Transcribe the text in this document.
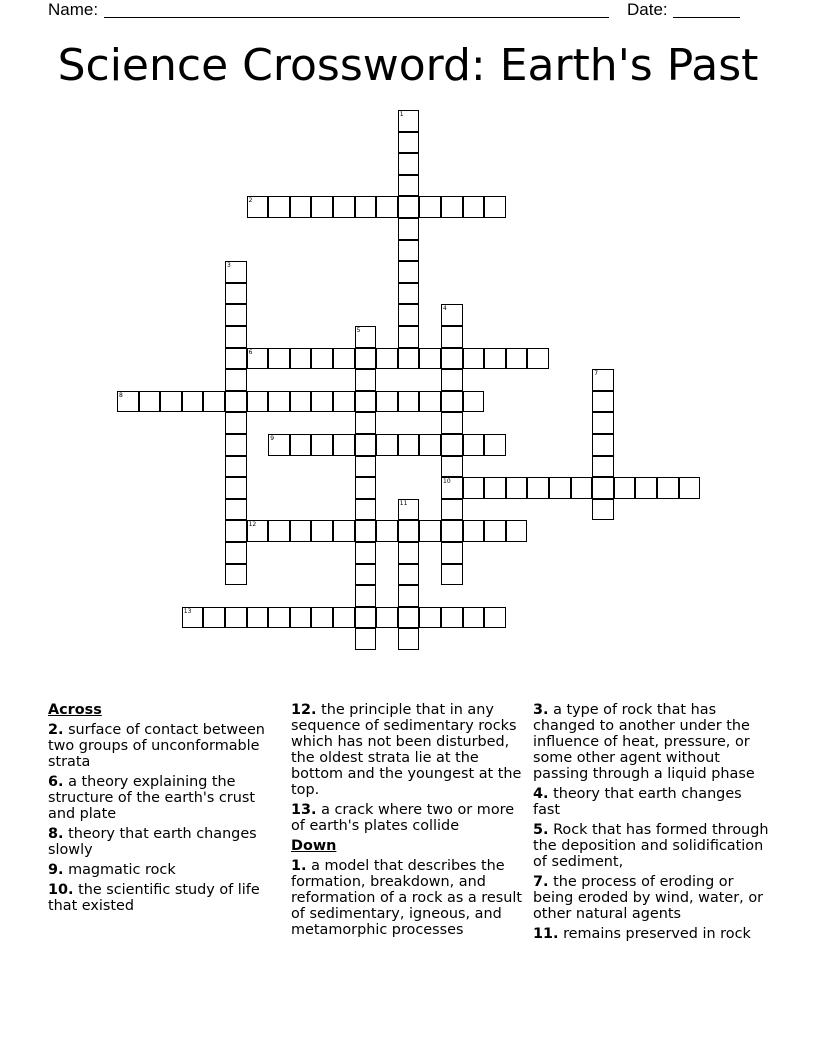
Name:	Date:
Science Crossword: Earth's Past
1
2
3
4
10
5
6
7
8
9
11
12
13
Across
2. surface of contact between two groups of unconformable strata
6. a theory explaining the structure of the earth's crust and plate
8. theory that earth changes slowly
9. magmatic rock
10. the scientific study of life that existed
12. the principle that in any sequence of sedimentary rocks which has not been disturbed, the oldest strata lie at the bottom and the youngest at the top.
13. a crack where two or more of earth's plates collide
Down
1. a model that describes the formation, breakdown, and reformation of a rock as a result of sedimentary, igneous, and metamorphic processes
3. a type of rock that has changed to another under the influence of heat, pressure, or some other agent without passing through a liquid phase
4. theory that earth changes fast
5. Rock that has formed through the deposition and solidification of sediment,
7. the process of eroding or being eroded by wind, water, or other natural agents
11. remains preserved in rock
